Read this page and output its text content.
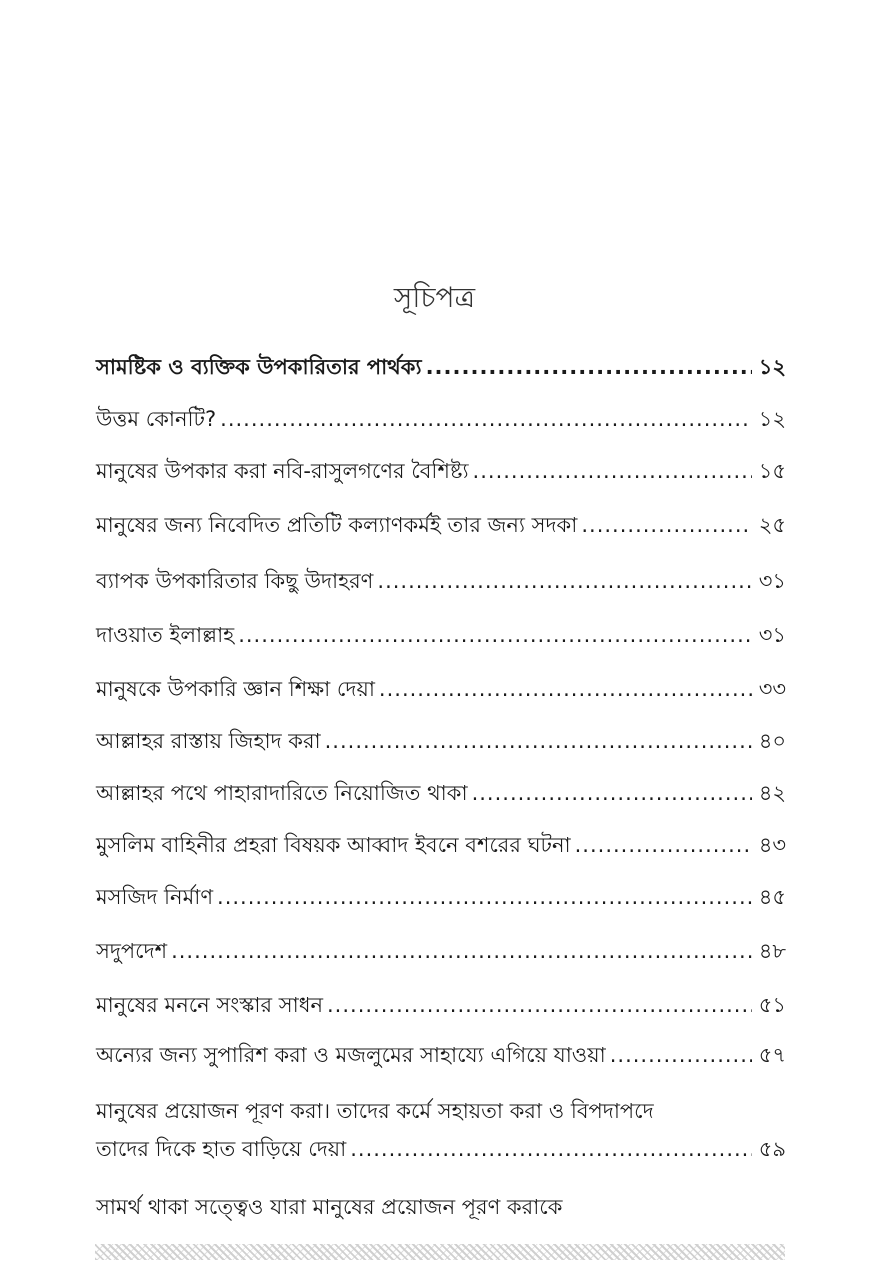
সূচিপত্র
সামষ্টিক ও ব্যক্তিক উপকারিতার পার্থক্য .....	১২
উত্তম কোনটি? .....	১২
মানুষের উপকার করা নবি-রাসুলগণের বৈশিষ্ট্য .....	১৫
মানুষের জন্য নিবেদিত প্রতিটি কল্যাণকর্মই তার জন্য সদকা .....	২৫
ব্যাপক উপকারিতার কিছু উদাহরণ .....	৩১
দাওয়াত ইলাল্লাহ .....	৩১
মানুষকে উপকারি জ্ঞান শিক্ষা দেয়া .....	৩৩
আল্লাহর রাস্তায় জিহাদ করা .....	৪০
আল্লাহর পথে পাহারাদারিতে নিয়োজিত থাকা .....	৪২
মুসলিম বাহিনীর প্রহরা বিষয়ক আব্বাদ ইবনে বশরের ঘটনা .....	৪৩
মসজিদ নির্মাণ .....	৪৫
সদুপদেশ .....	৪৮
মানুষের মননে সংস্কার সাধন .....	৫১
অন্যের জন্য সুপারিশ করা ও মজলুমের সাহায্যে এগিয়ে যাওয়া .....	৫৭
মানুষের প্রয়োজন পূরণ করা। তাদের কর্মে সহায়তা করা ও বিপদাপদে
তাদের দিকে হাত বাড়িয়ে দেয়া .....	৫৯
সামর্থ থাকা সত্ত্বেও যারা মানুষের প্রয়োজন পূরণ করাকে
